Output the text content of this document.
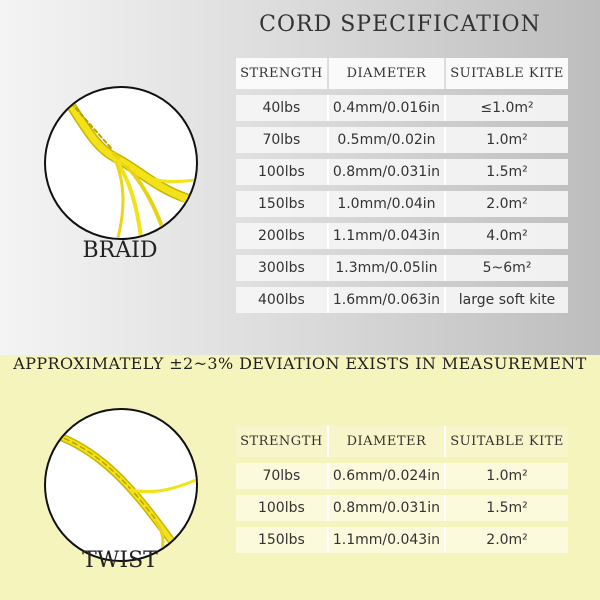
CORD SPECIFICATION
BRAID
STRENGTH	DIAMETER	SUITABLE KITE
40lbs	0.4mm/0.016in	≤1.0m²
70lbs	0.5mm/0.02in	1.0m²
100lbs	0.8mm/0.031in	1.5m²
150lbs	1.0mm/0.04in	2.0m²
200lbs	1.1mm/0.043in	4.0m²
300lbs	1.3mm/0.05lin	5~6m²
400lbs	1.6mm/0.063in	large soft kite
APPROXIMATELY ±2~3% DEVIATION EXISTS IN MEASUREMENT
TWIST
STRENGTH	DIAMETER	SUITABLE KITE
70lbs	0.6mm/0.024in	1.0m²
100lbs	0.8mm/0.031in	1.5m²
150lbs	1.1mm/0.043in	2.0m²
